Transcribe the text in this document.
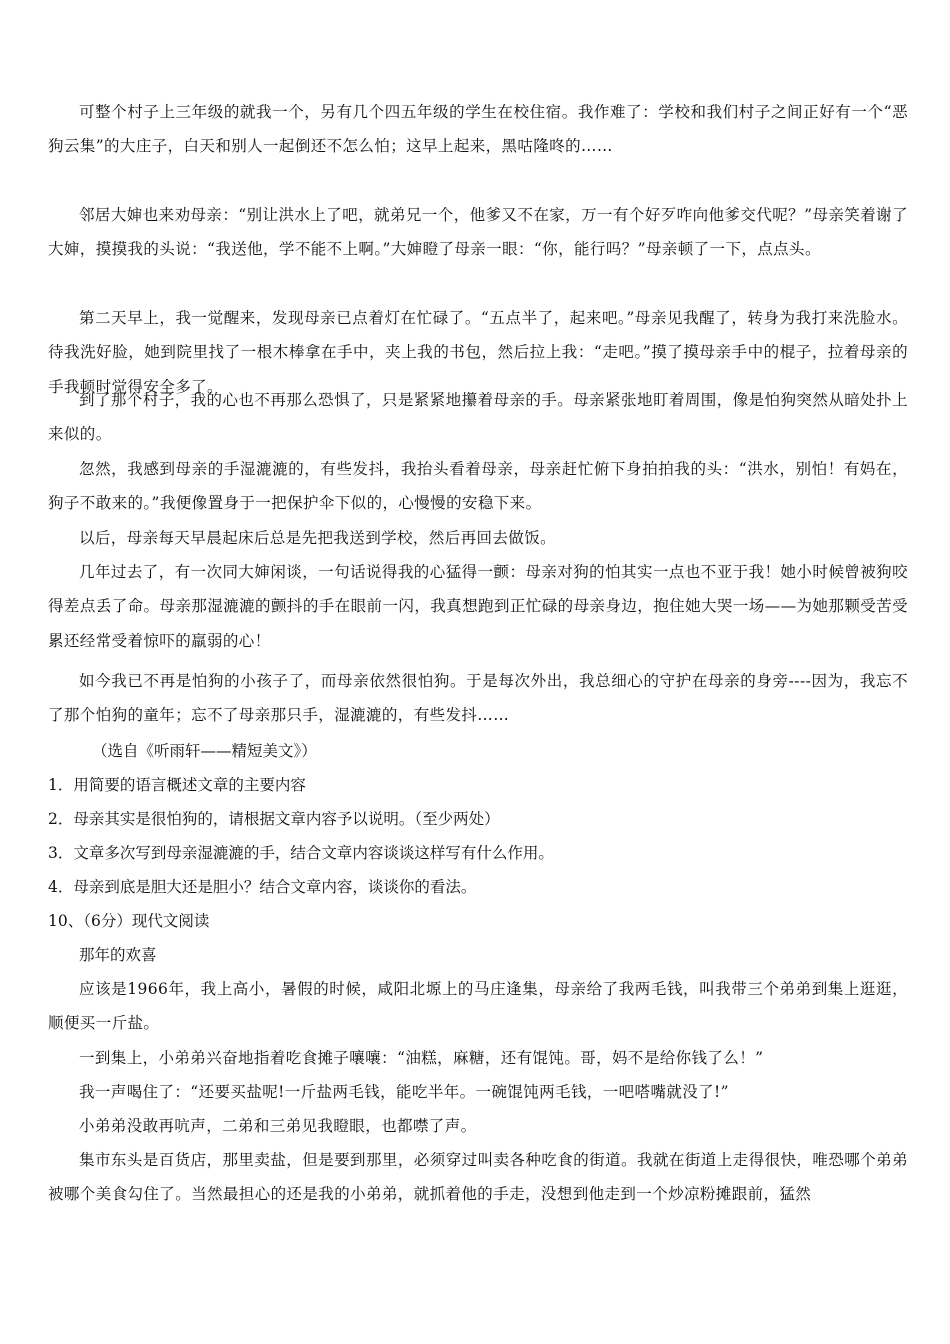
可整个村子上三年级的就我一个，另有几个四五年级的学生在校住宿。我作难了：学校和我们村子之间正好有一个“恶狗云集”的大庄子，白天和别人一起倒还不怎么怕；这早上起来，黑咕隆咚的……

邻居大婶也来劝母亲：“别让洪水上了吧，就弟兄一个，他爹又不在家，万一有个好歹咋向他爹交代呢？”母亲笑着谢了大婶，摸摸我的头说：“我送他，学不能不上啊。”大婶瞪了母亲一眼：“你，能行吗？”母亲顿了一下，点点头。

第二天早上，我一觉醒来，发现母亲已点着灯在忙碌了。“五点半了，起来吧。”母亲见我醒了，转身为我打来洗脸水。待我洗好脸，她到院里找了一根木棒拿在手中，夹上我的书包，然后拉上我：“走吧。”摸了摸母亲手中的棍子，拉着母亲的手我顿时觉得安全多了。

到了那个村子，我的心也不再那么恐惧了，只是紧紧地攥着母亲的手。母亲紧张地盯着周围，像是怕狗突然从暗处扑上来似的。

忽然，我感到母亲的手湿漉漉的，有些发抖，我抬头看着母亲，母亲赶忙俯下身拍拍我的头：“洪水，别怕！有妈在，狗子不敢来的。”我便像置身于一把保护伞下似的，心慢慢的安稳下来。

以后，母亲每天早晨起床后总是先把我送到学校，然后再回去做饭。

几年过去了，有一次同大婶闲谈，一句话说得我的心猛得一颤：母亲对狗的怕其实一点也不亚于我！她小时候曾被狗咬得差点丢了命。母亲那湿漉漉的颤抖的手在眼前一闪，我真想跑到正忙碌的母亲身边，抱住她大哭一场——为她那颗受苦受累还经常受着惊吓的羸弱的心！

如今我已不再是怕狗的小孩子了，而母亲依然很怕狗。于是每次外出，我总细心的守护在母亲的身旁----因为，我忘不了那个怕狗的童年；忘不了母亲那只手，湿漉漉的，有些发抖……

（选自《听雨轩——精短美文》）
1．用简要的语言概述文章的主要内容
2．母亲其实是很怕狗的，请根据文章内容予以说明。（至少两处）
3．文章多次写到母亲湿漉漉的手，结合文章内容谈谈这样写有什么作用。
4．母亲到底是胆大还是胆小？结合文章内容，谈谈你的看法。
10、（6分）现代文阅读
那年的欢喜

应该是1966年，我上高小，暑假的时候，咸阳北塬上的马庄逢集，母亲给了我两毛钱，叫我带三个弟弟到集上逛逛，顺便买一斤盐。

一到集上，小弟弟兴奋地指着吃食摊子嚷嚷：“油糕，麻糖，还有馄饨。哥，妈不是给你钱了么！”

我一声喝住了：“还要买盐呢!一斤盐两毛钱，能吃半年。一碗馄饨两毛钱，一吧嗒嘴就没了!”

小弟弟没敢再吭声，二弟和三弟见我瞪眼，也都噤了声。

集市东头是百货店，那里卖盐，但是要到那里，必须穿过叫卖各种吃食的街道。我就在街道上走得很快，唯恐哪个弟弟被哪个美食勾住了。当然最担心的还是我的小弟弟，就抓着他的手走，没想到他走到一个炒凉粉摊跟前，猛然
